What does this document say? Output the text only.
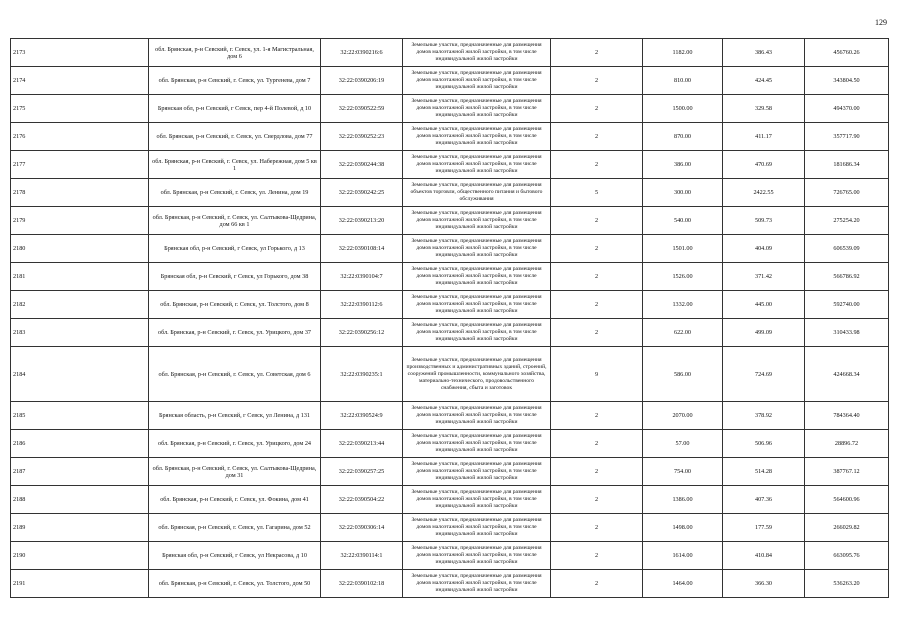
129
2173	обл. Брянская, р-н Севский, г. Севск, ул. 1-я Магистральная, дом 6	32:22:0390216:6	Земельные участки, предназначенные для размещения домов малоэтажной жилой застройки, в том числе индивидуальной жилой застройки	2	1182.00	386.43	456760.26
2174	обл. Брянская, р-н Севский, г. Севск, ул. Тургенева, дом 7	32:22:0390206:19	Земельные участки, предназначенные для размещения домов малоэтажной жилой застройки, в том числе индивидуальной жилой застройки	2	810.00	424.45	343804.50
2175	Брянская обл, р-н Севский, г Севск, пер 4-й Полевой, д 10	32:22:0390522:59	Земельные участки, предназначенные для размещения домов малоэтажной жилой застройки, в том числе индивидуальной жилой застройки	2	1500.00	329.58	494370.00
2176	обл. Брянская, р-н Севский, г. Севск, ул. Свердлова, дом 77	32:22:0390252:23	Земельные участки, предназначенные для размещения домов малоэтажной жилой застройки, в том числе индивидуальной жилой застройки	2	870.00	411.17	357717.90
2177	обл. Брянская, р-н Севский, г. Севск, ул. Набережная, дом 5 кв 1	32:22:0390244:38	Земельные участки, предназначенные для размещения домов малоэтажной жилой застройки, в том числе индивидуальной жилой застройки	2	386.00	470.69	181686.34
2178	обл. Брянская, р-н Севский, г. Севск, ул. Ленина, дом 19	32:22:0390242:25	Земельные участки, предназначенные для размещения объектов торговли, общественного питания и бытового обслуживания	5	300.00	2422.55	726765.00
2179	обл. Брянская, р-н Севский, г. Севск, ул. Салтыкова-Щедрина, дом 66 кв 1	32:22:0390213:20	Земельные участки, предназначенные для размещения домов малоэтажной жилой застройки, в том числе индивидуальной жилой застройки	2	540.00	509.73	275254.20
2180	Брянская обл, р-н Севский, г Севск, ул Горького, д 13	32:22:0390108:14	Земельные участки, предназначенные для размещения домов малоэтажной жилой застройки, в том числе индивидуальной жилой застройки	2	1501.00	404.09	606539.09
2181	Брянская обл, р-н Севский, г Севск, ул Горького, дом 38	32:22:0390104:7	Земельные участки, предназначенные для размещения домов малоэтажной жилой застройки, в том числе индивидуальной жилой застройки	2	1526.00	371.42	566786.92
2182	обл. Брянская, р-н Севский, г. Севск, ул. Толстого, дом 8	32:22:0390112:6	Земельные участки, предназначенные для размещения домов малоэтажной жилой застройки, в том числе индивидуальной жилой застройки	2	1332.00	445.00	592740.00
2183	обл. Брянская, р-н Севский, г. Севск, ул. Урицкого, дом 37	32:22:0390256:12	Земельные участки, предназначенные для размещения домов малоэтажной жилой застройки, в том числе индивидуальной жилой застройки	2	622.00	499.09	310433.98
2184	обл. Брянская, р-н Севский, г. Севск, ул. Советская, дом 6	32:22:0390235:1	Земельные участки, предназначенные для размещения производственных и административных зданий, строений, сооружений промышленности, коммунального хозяйства, материально-технического, продовольственного снабжения, сбыта и заготовок	9	586.00	724.69	424668.34
2185	Брянская область, р-н Севский, г Севск, ул Ленина, д 131	32:22:0390524:9	Земельные участки, предназначенные для размещения домов малоэтажной жилой застройки, в том числе индивидуальной жилой застройки	2	2070.00	378.92	784364.40
2186	обл. Брянская, р-н Севский, г. Севск, ул. Урицкого, дом 24	32:22:0390213:44	Земельные участки, предназначенные для размещения домов малоэтажной жилой застройки, в том числе индивидуальной жилой застройки	2	57.00	506.96	28896.72
2187	обл. Брянская, р-н Севский, г. Севск, ул. Салтыкова-Щедрина, дом 31	32:22:0390257:25	Земельные участки, предназначенные для размещения домов малоэтажной жилой застройки, в том числе индивидуальной жилой застройки	2	754.00	514.28	387767.12
2188	обл. Брянская, р-н Севский, г. Севск, ул. Фокина, дом 41	32:22:0390504:22	Земельные участки, предназначенные для размещения домов малоэтажной жилой застройки, в том числе индивидуальной жилой застройки	2	1386.00	407.36	564600.96
2189	обл. Брянская, р-н Севский, г. Севск, ул. Гагарина, дом 52	32:22:0390306:14	Земельные участки, предназначенные для размещения домов малоэтажной жилой застройки, в том числе индивидуальной жилой застройки	2	1498.00	177.59	266029.82
2190	Брянская обл, р-н Севский, г Севск, ул Некрасова, д 10	32:22:0390114:1	Земельные участки, предназначенные для размещения домов малоэтажной жилой застройки, в том числе индивидуальной жилой застройки	2	1614.00	410.84	663095.76
2191	обл. Брянская, р-н Севский, г. Севск, ул. Толстого, дом 50	32:22:0390102:18	Земельные участки, предназначенные для размещения домов малоэтажной жилой застройки, в том числе индивидуальной жилой застройки	2	1464.00	366.30	536263.20
